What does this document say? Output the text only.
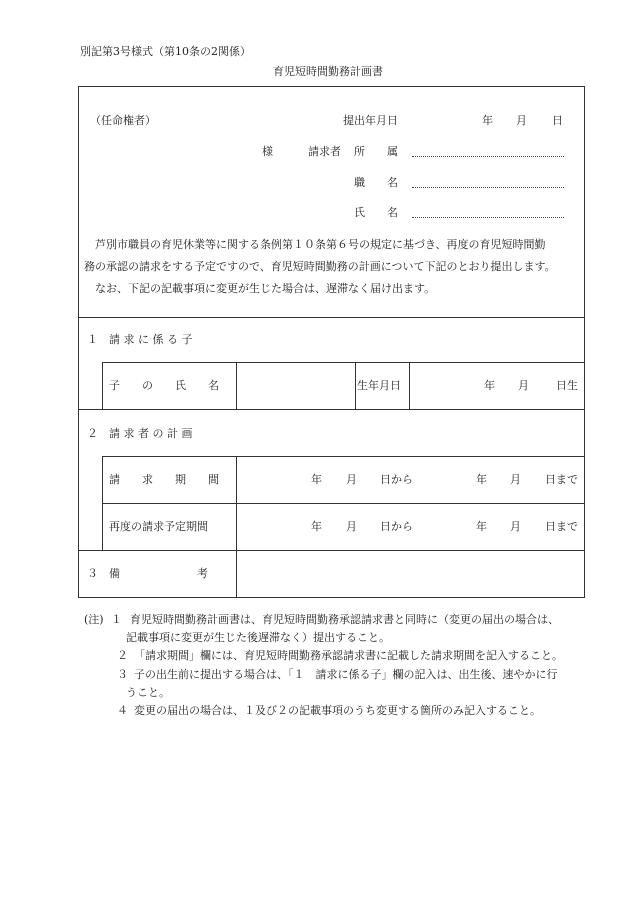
別記第3号様式（第10条の2関係）
育児短時間勤務計画書
（任命権者）	提出年月日	年 月 日
様	請求者 所　　属
職　　名
氏　　名
芦別市職員の育児休業等に関する条例第１０条第６号の規定に基づき、再度の育児短時間勤
務の承認の請求をする予定ですので、育児短時間勤務の計画について下記のとおり提出します。
なお、下記の記載事項に変更が生じた場合は、遅滞なく届け出ます。
１　請 求 に 係 る 子
子　　の　　氏　　名	生年月日	年 月 日生
２　請 求 者 の 計 画
請　　求　　期　　間	年 月 日から	年 月 日まで
再度の請求予定期間	年 月 日から	年 月 日まで
３　備　　　　　　　考
(注) １ 育児短時間勤務計画書は、育児短時間勤務承認請求書と同時に（変更の届出の場合は、
記載事項に変更が生じた後遅滞なく）提出すること。
２ 「請求期間」欄には、育児短時間勤務承認請求書に記載した請求期間を記入すること。
３ 子の出生前に提出する場合は、「１　請求に係る子」欄の記入は、出生後、速やかに行
うこと。
４ 変更の届出の場合は、１及び２の記載事項のうち変更する箇所のみ記入すること。
